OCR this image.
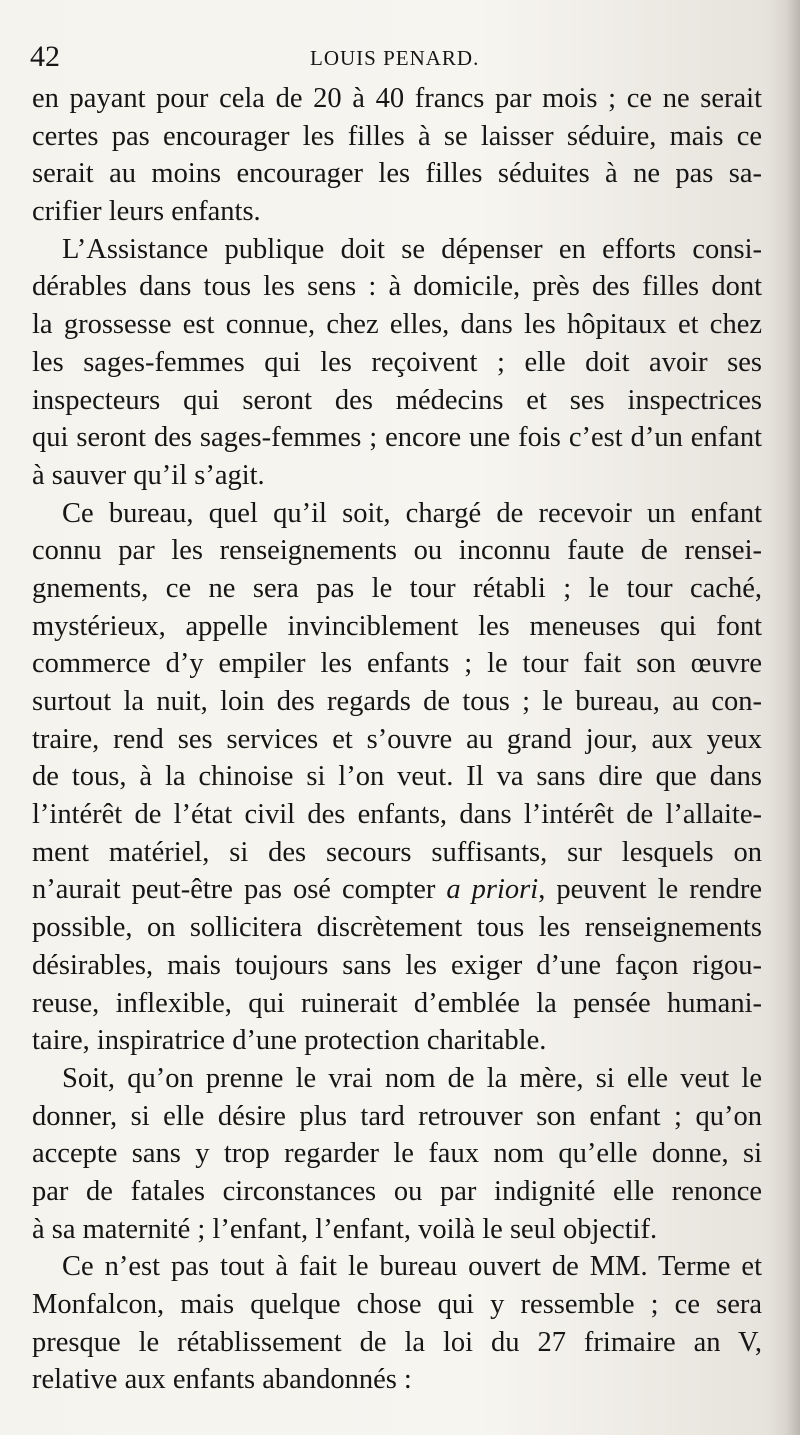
42	LOUIS PENARD.
en payant pour cela de 20 à 40 francs par mois ; ce ne serait
certes pas encourager les filles à se laisser séduire, mais ce
serait au moins encourager les filles séduites à ne pas sa-
crifier leurs enfants.
L’Assistance publique doit se dépenser en efforts consi-
dérables dans tous les sens : à domicile, près des filles dont
la grossesse est connue, chez elles, dans les hôpitaux et chez
les sages-femmes qui les reçoivent ; elle doit avoir ses
inspecteurs qui seront des médecins et ses inspectrices
qui seront des sages-femmes ; encore une fois c’est d’un enfant
à sauver qu’il s’agit.
Ce bureau, quel qu’il soit, chargé de recevoir un enfant
connu par les renseignements ou inconnu faute de rensei-
gnements, ce ne sera pas le tour rétabli ; le tour caché,
mystérieux, appelle invinciblement les meneuses qui font
commerce d’y empiler les enfants ; le tour fait son œuvre
surtout la nuit, loin des regards de tous ; le bureau, au con-
traire, rend ses services et s’ouvre au grand jour, aux yeux
de tous, à la chinoise si l’on veut. Il va sans dire que dans
l’intérêt de l’état civil des enfants, dans l’intérêt de l’allaite-
ment matériel, si des secours suffisants, sur lesquels on
n’aurait peut-être pas osé compter a priori, peuvent le rendre
possible, on sollicitera discrètement tous les renseignements
désirables, mais toujours sans les exiger d’une façon rigou-
reuse, inflexible, qui ruinerait d’emblée la pensée humani-
taire, inspiratrice d’une protection charitable.
Soit, qu’on prenne le vrai nom de la mère, si elle veut le
donner, si elle désire plus tard retrouver son enfant ; qu’on
accepte sans y trop regarder le faux nom qu’elle donne, si
par de fatales circonstances ou par indignité elle renonce
à sa maternité ; l’enfant, l’enfant, voilà le seul objectif.
Ce n’est pas tout à fait le bureau ouvert de MM. Terme et
Monfalcon, mais quelque chose qui y ressemble ; ce sera
presque le rétablissement de la loi du 27 frimaire an V,
relative aux enfants abandonnés :
